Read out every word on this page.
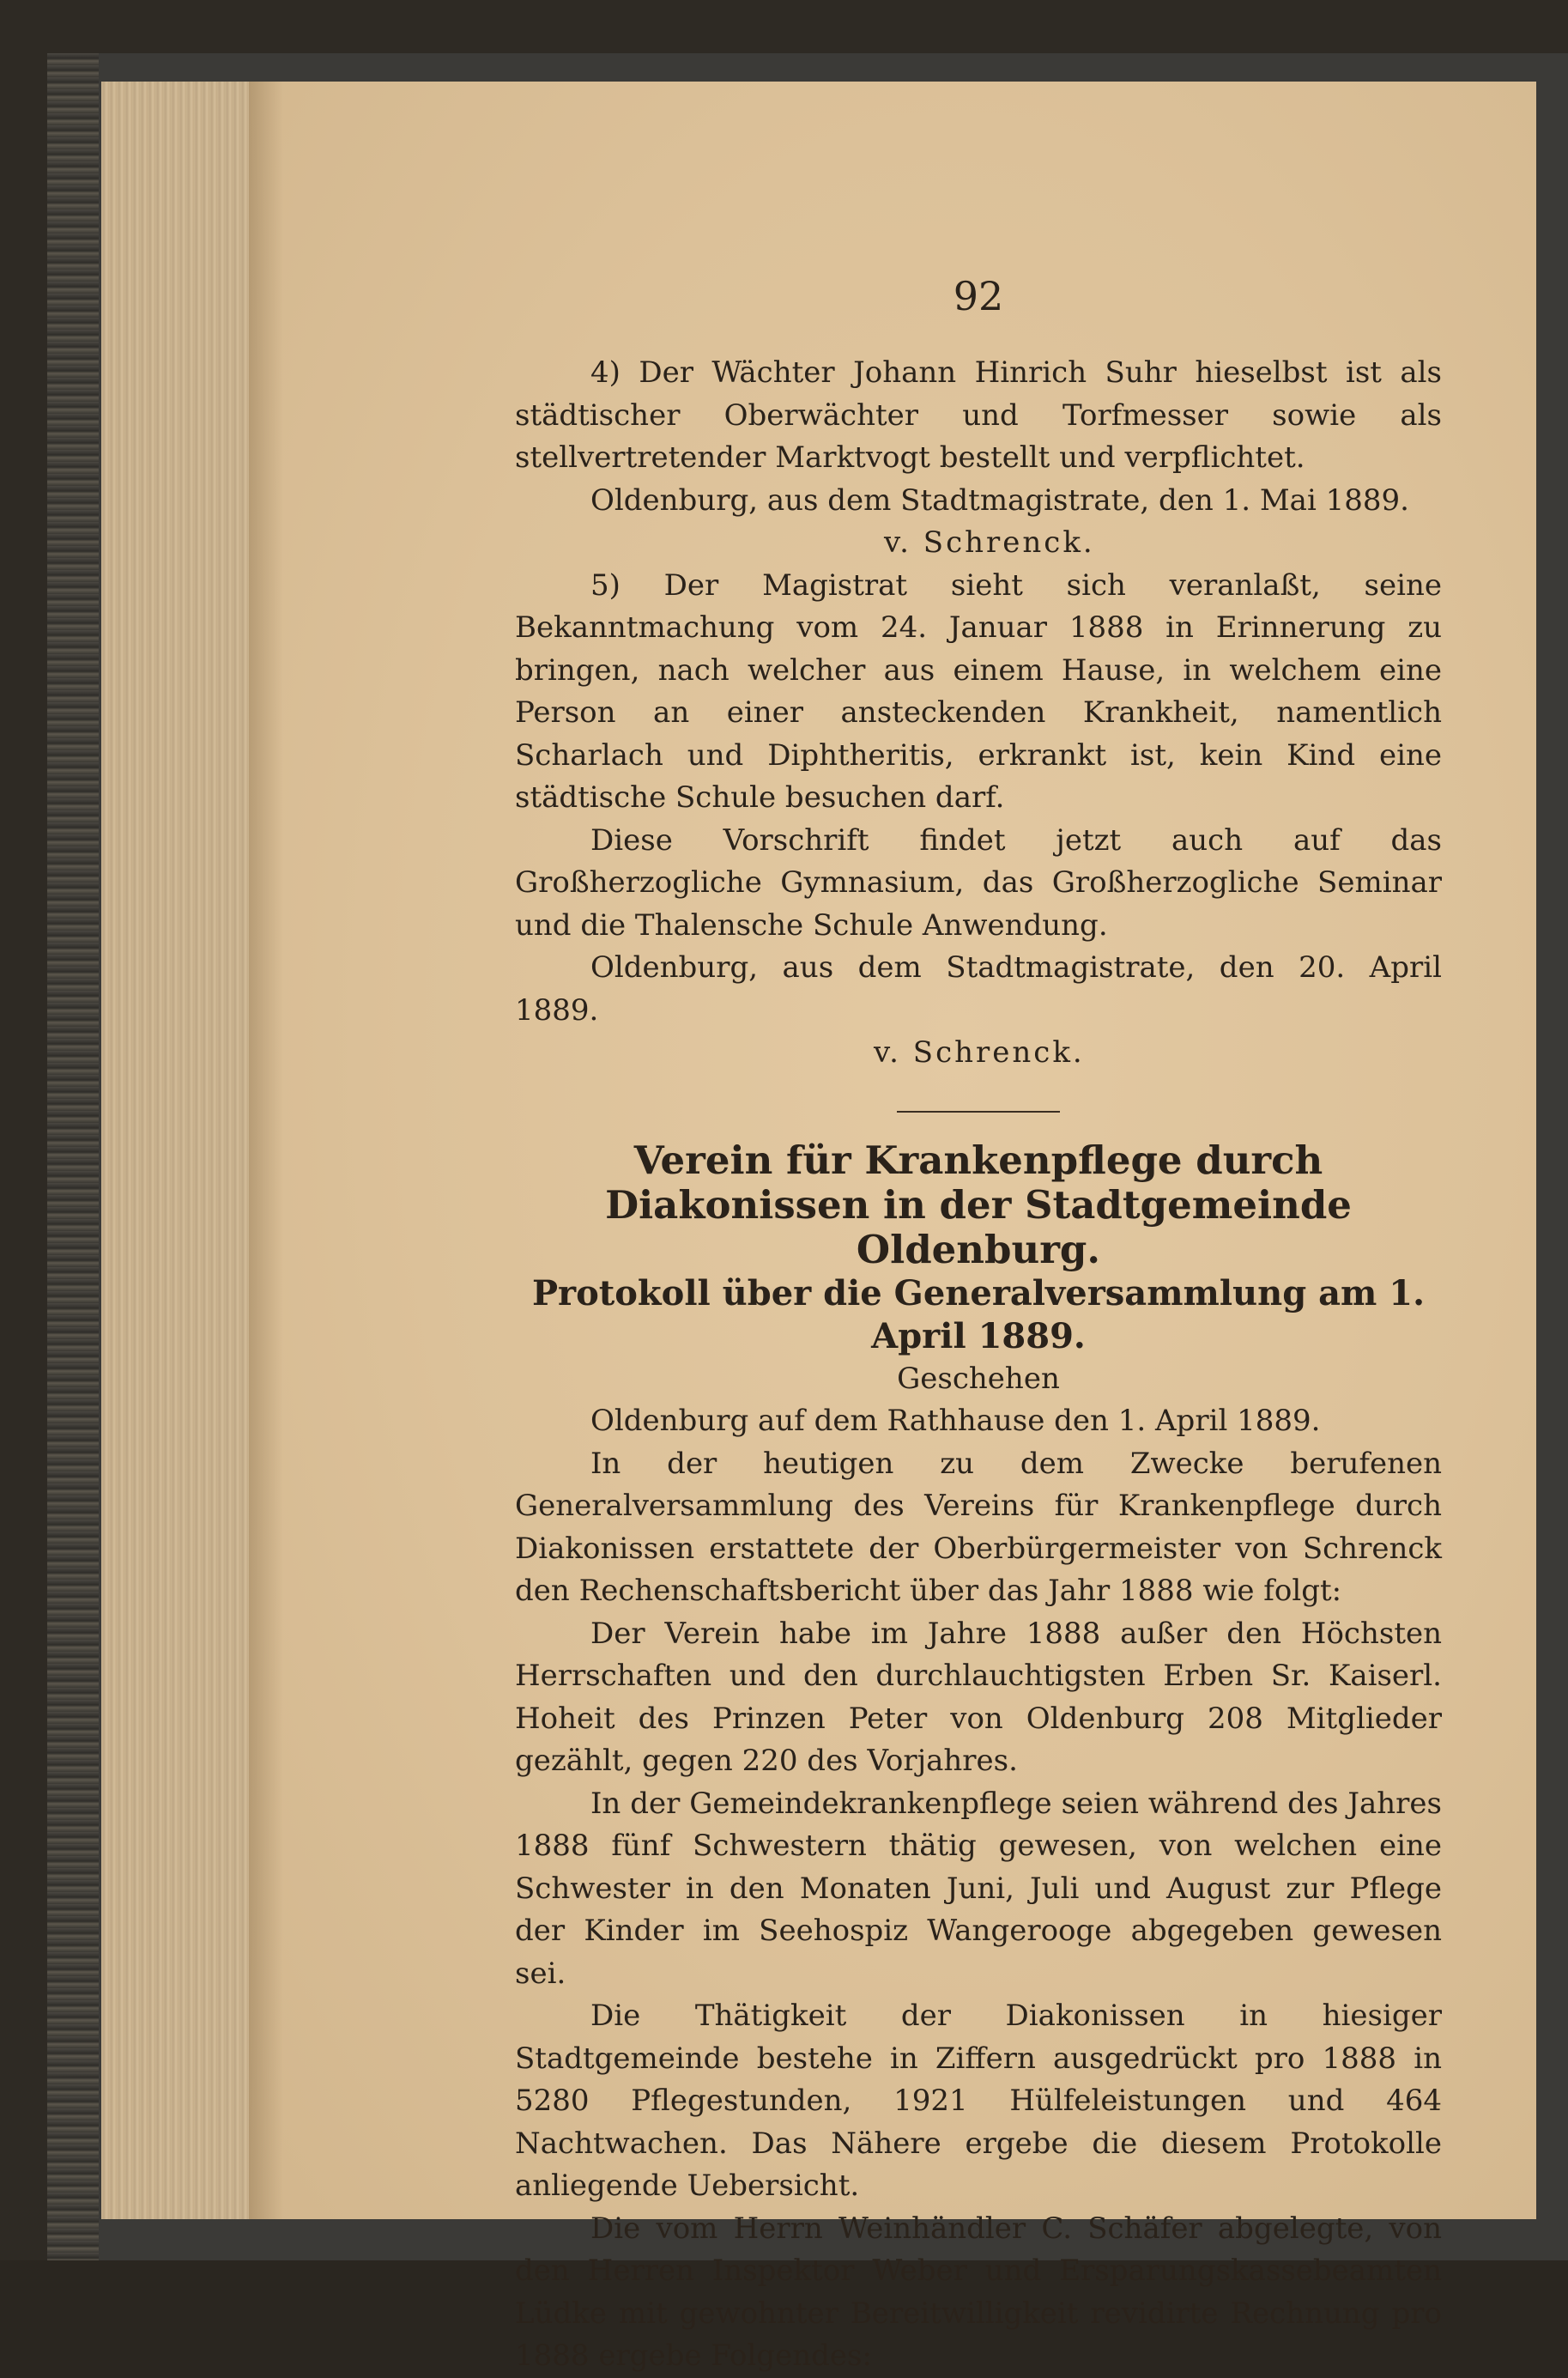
92

4) Der Wächter Johann Hinrich Suhr hieselbst ist als städtischer Oberwächter und Torfmesser sowie als stellvertretender Marktvogt bestellt und verpflichtet.

Oldenburg, aus dem Stadtmagistrate, den 1. Mai 1889.

v. Schrenck.

5) Der Magistrat sieht sich veranlaßt, seine Bekanntmachung vom 24. Januar 1888 in Erinnerung zu bringen, nach welcher aus einem Hause, in welchem eine Person an einer ansteckenden Krankheit, namentlich Scharlach und Diphtheritis, erkrankt ist, kein Kind eine städtische Schule besuchen darf.

Diese Vorschrift findet jetzt auch auf das Großherzogliche Gymnasium, das Großherzogliche Seminar und die Thalensche Schule Anwendung.

Oldenburg, aus dem Stadtmagistrate, den 20. April 1889.

v. Schrenck.

Verein für Krankenpflege durch Diakonissen in der Stadtgemeinde Oldenburg.

Protokoll über die Generalversammlung am 1. April 1889.

Geschehen

Oldenburg auf dem Rathhause den 1. April 1889.

In der heutigen zu dem Zwecke berufenen Generalversammlung des Vereins für Krankenpflege durch Diakonissen erstattete der Oberbürgermeister von Schrenck den Rechenschaftsbericht über das Jahr 1888 wie folgt:

Der Verein habe im Jahre 1888 außer den Höchsten Herrschaften und den durchlauchtigsten Erben Sr. Kaiserl. Hoheit des Prinzen Peter von Oldenburg 208 Mitglieder gezählt, gegen 220 des Vorjahres.

In der Gemeindekrankenpflege seien während des Jahres 1888 fünf Schwestern thätig gewesen, von welchen eine Schwester in den Monaten Juni, Juli und August zur Pflege der Kinder im Seehospiz Wangerooge abgegeben gewesen sei.

Die Thätigkeit der Diakonissen in hiesiger Stadtgemeinde bestehe in Ziffern ausgedrückt pro 1888 in 5280 Pflegestunden, 1921 Hülfeleistungen und 464 Nachtwachen. Das Nähere ergebe die diesem Protokolle anliegende Uebersicht.

Die vom Herrn Weinhändler C. Schäfer abgelegte, von den Herren Inspektor Weber und Ersparungskassebeamten Lüdke mit gewohnter Bereitwilligkeit revidirte Rechnung pro 1888 ergebe Folgendes:
